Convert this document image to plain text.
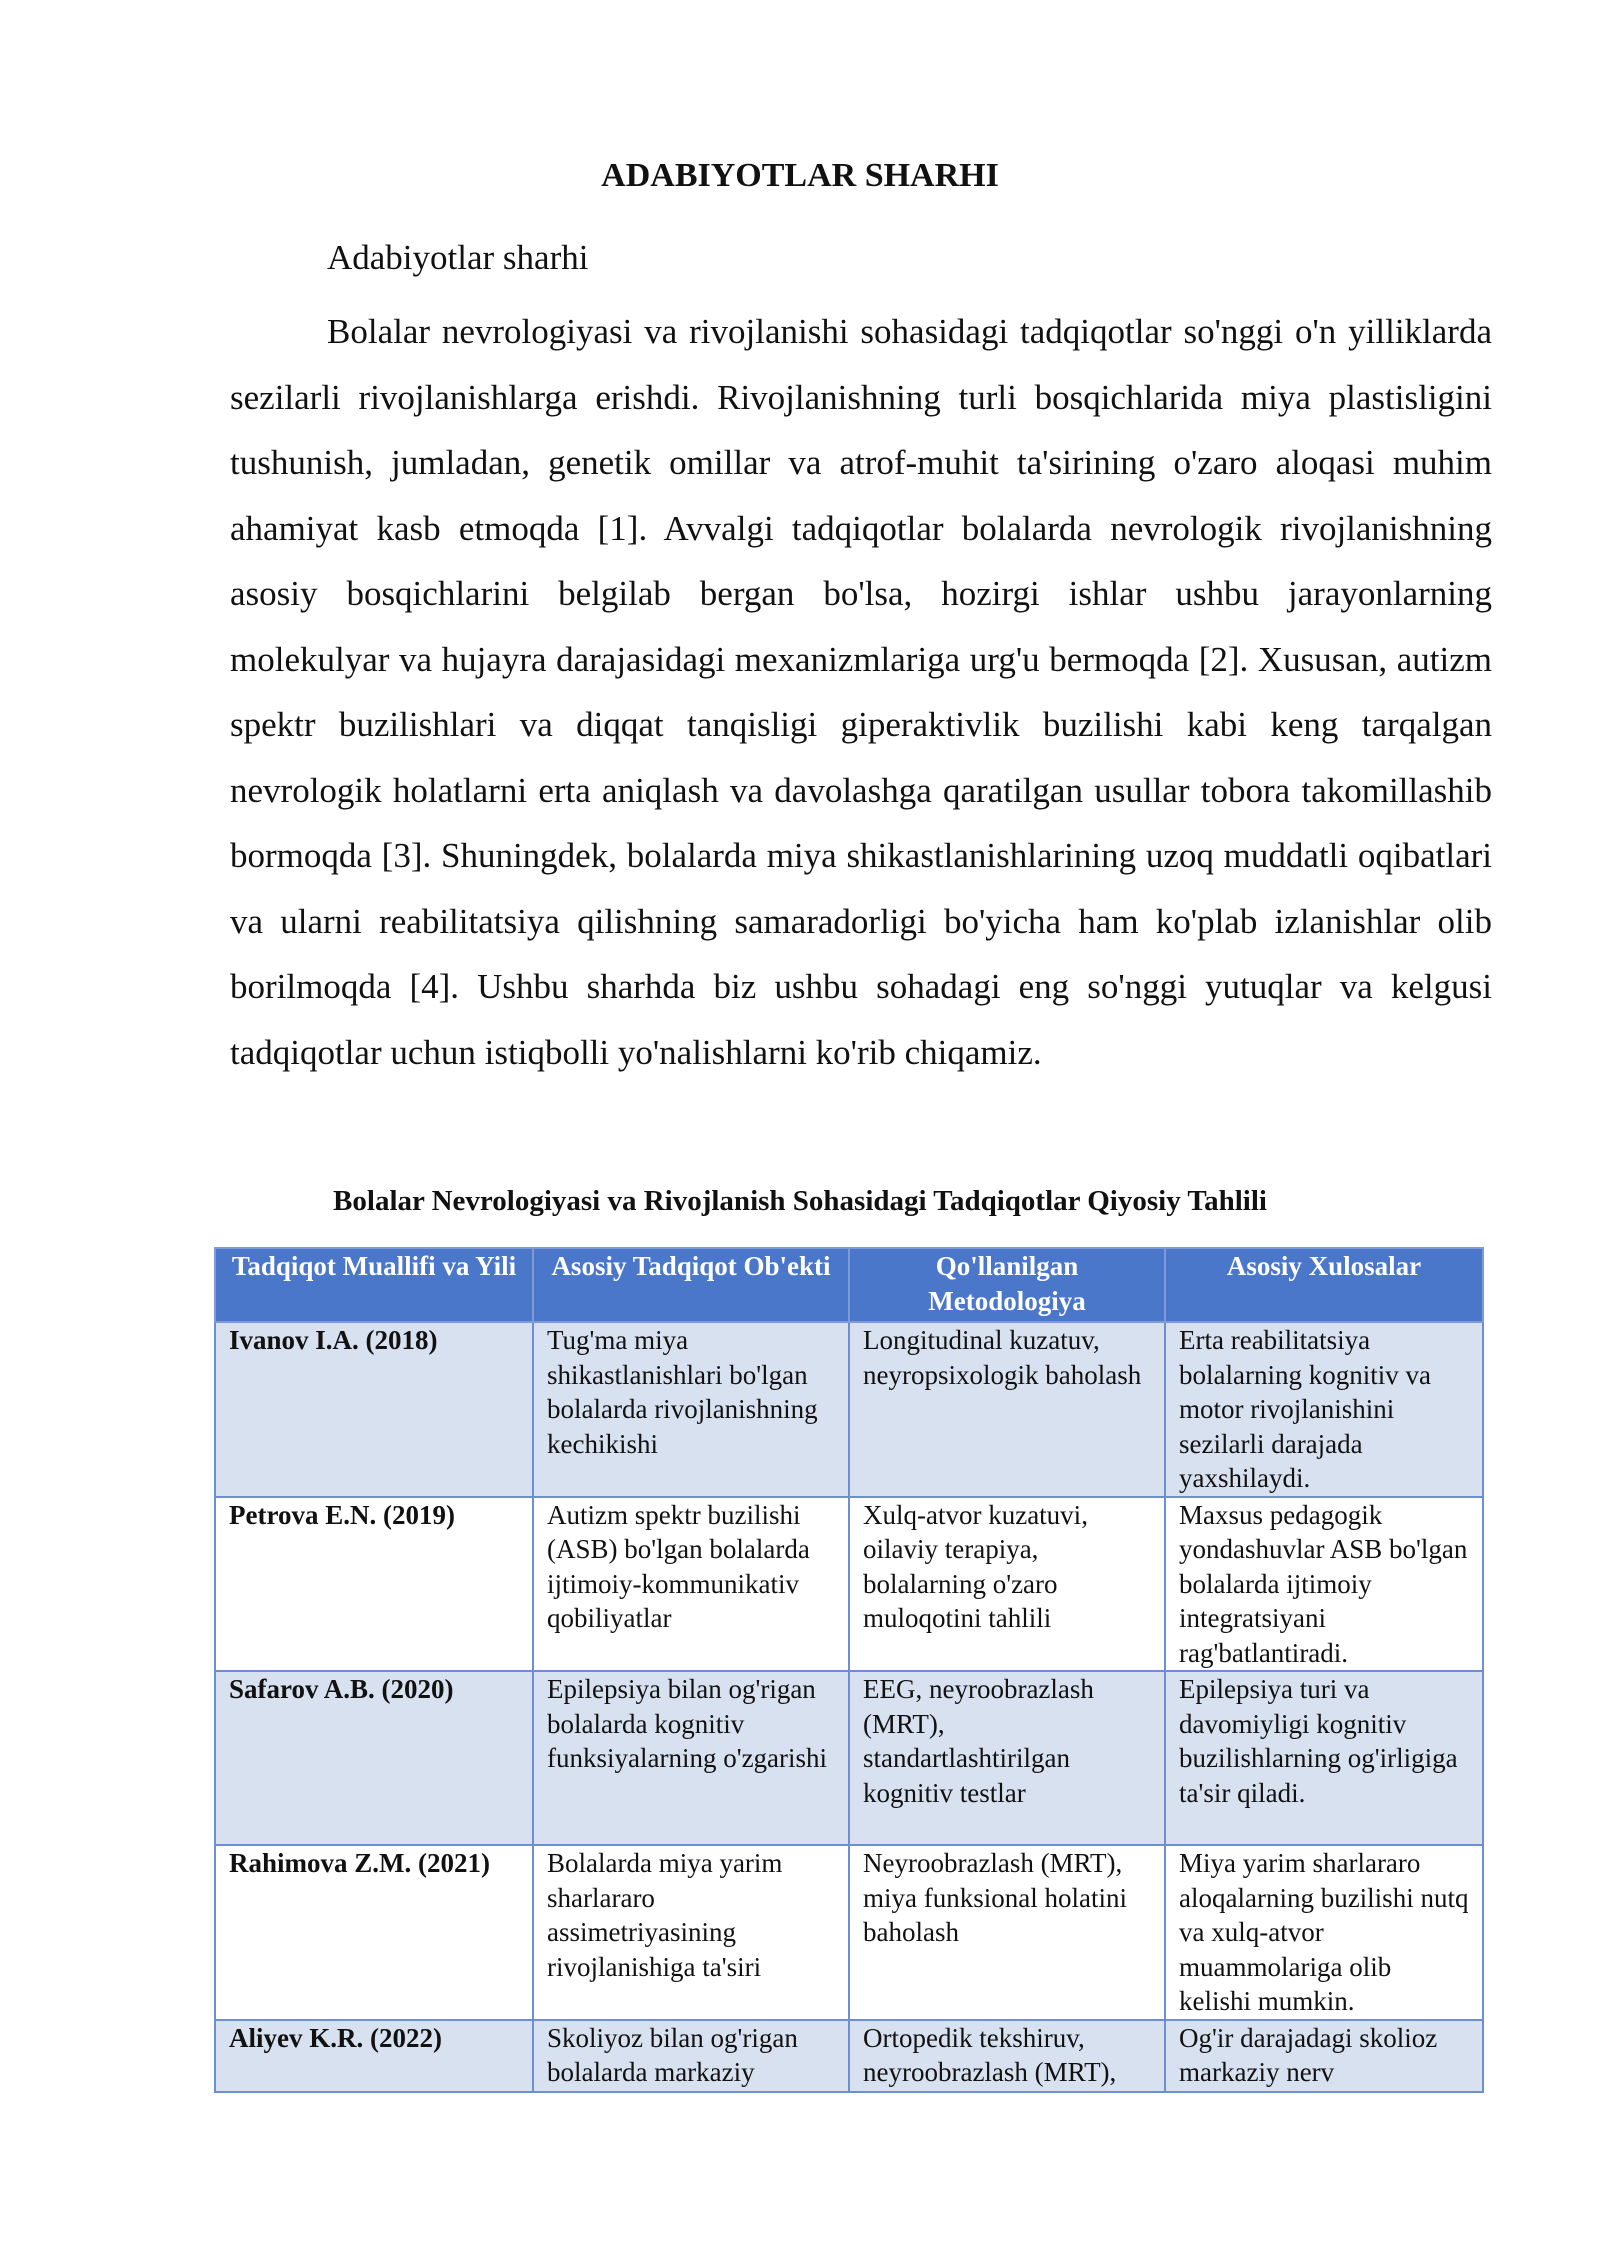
ADABIYOTLAR SHARHI
Adabiyotlar sharhi

Bolalar nevrologiyasi va rivojlanishi sohasidagi tadqiqotlar so'nggi o'n yilliklarda sezilarli rivojlanishlarga erishdi. Rivojlanishning turli bosqichlarida miya plastisligini tushunish, jumladan, genetik omillar va atrof-muhit ta'sirining o'zaro aloqasi muhim ahamiyat kasb etmoqda [1]. Avvalgi tadqiqotlar bolalarda nevrologik rivojlanishning asosiy bosqichlarini belgilab bergan bo'lsa, hozirgi ishlar ushbu jarayonlarning molekulyar va hujayra darajasidagi mexanizmlariga urg'u bermoqda [2]. Xususan, autizm spektr buzilishlari va diqqat tanqisligi giperaktivlik buzilishi kabi keng tarqalgan nevrologik holatlarni erta aniqlash va davolashga qaratilgan usullar tobora takomillashib bormoqda [3]. Shuningdek, bolalarda miya shikastlanishlarining uzoq muddatli oqibatlari va ularni reabilitatsiya qilishning samaradorligi bo'yicha ham ko'plab izlanishlar olib borilmoqda [4]. Ushbu sharhda biz ushbu sohadagi eng so'nggi yutuqlar va kelgusi tadqiqotlar uchun istiqbolli yo'nalishlarni ko'rib chiqamiz.

Bolalar Nevrologiyasi va Rivojlanish Sohasidagi Tadqiqotlar Qiyosiy Tahlili
Tadqiqot Muallifi va Yili	Asosiy Tadqiqot Ob'ekti	Qo'llanilgan Metodologiya	Asosiy Xulosalar
Ivanov I.A. (2018)	Tug'ma miya shikastlanishlari bo'lgan bolalarda rivojlanishning kechikishi	Longitudinal kuzatuv, neyropsixologik baholash	Erta reabilitatsiya bolalarning kognitiv va motor rivojlanishini sezilarli darajada yaxshilaydi.
Petrova E.N. (2019)	Autizm spektr buzilishi (ASB) bo'lgan bolalarda ijtimoiy-kommunikativ qobiliyatlar	Xulq-atvor kuzatuvi, oilaviy terapiya, bolalarning o'zaro muloqotini tahlili	Maxsus pedagogik yondashuvlar ASB bo'lgan bolalarda ijtimoiy integratsiyani rag'batlantiradi.
Safarov A.B. (2020)	Epilepsiya bilan og'rigan bolalarda kognitiv funksiyalarning o'zgarishi	EEG, neyroobrazlash (MRT), standartlashtirilgan kognitiv testlar	Epilepsiya turi va davomiyligi kognitiv buzilishlarning og'irligiga ta'sir qiladi.
Rahimova Z.M. (2021)	Bolalarda miya yarim sharlararo assimetriyasining rivojlanishiga ta'siri	Neyroobrazlash (MRT), miya funksional holatini baholash	Miya yarim sharlararo aloqalarning buzilishi nutq va xulq-atvor muammolariga olib kelishi mumkin.
Aliyev K.R. (2022)	Skoliyoz bilan og'rigan bolalarda markaziy	Ortopedik tekshiruv, neyroobrazlash (MRT),	Og'ir darajadagi skolioz markaziy nerv
